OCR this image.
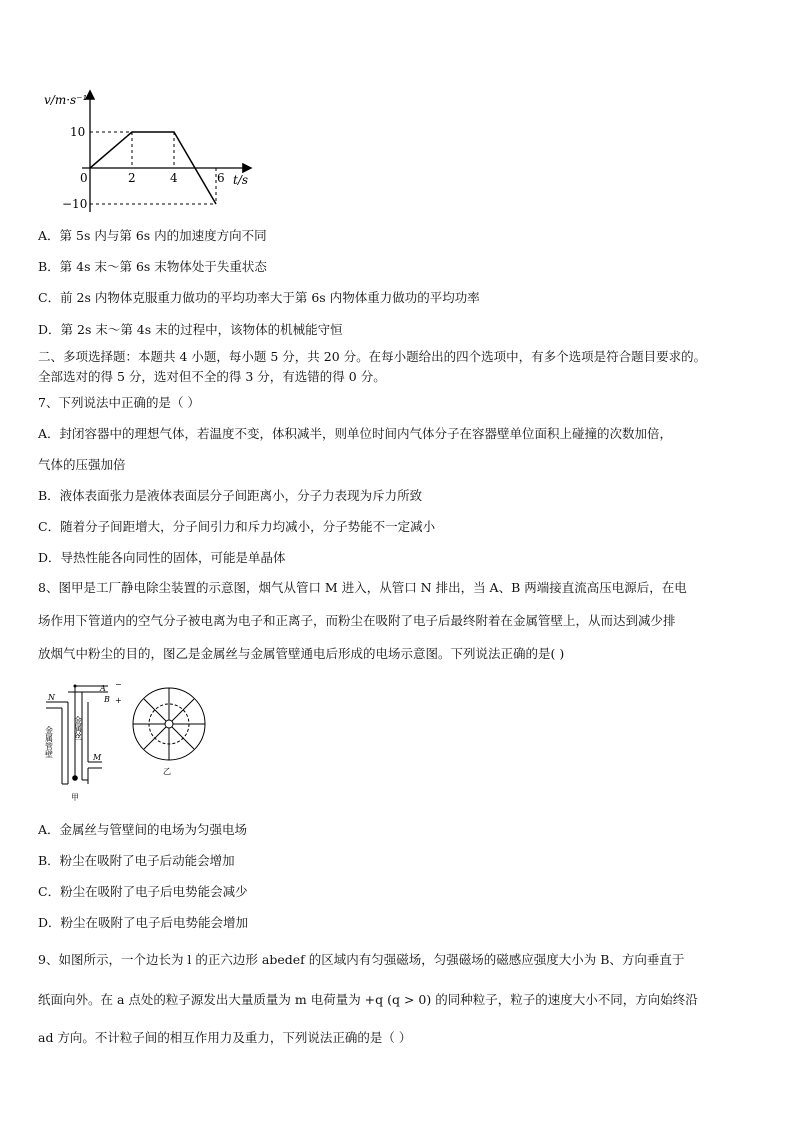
v/m·s⁻¹
10
−10
0	2	4	6 t/s
A．第 5s 内与第 6s 内的加速度方向不同
B．第 4s 末～第 6s 末物体处于失重状态
C．前 2s 内物体克服重力做功的平均功率大于第 6s 内物体重力做功的平均功率
D．第 2s 末～第 4s 末的过程中，该物体的机械能守恒
二、多项选择题：本题共 4 小题，每小题 5 分，共 20 分。在每小题给出的四个选项中，有多个选项是符合题目要求的。
全部选对的得 5 分，选对但不全的得 3 分，有选错的得 0 分。
7、下列说法中正确的是（ ）
A．封闭容器中的理想气体，若温度不变，体积减半，则单位时间内气体分子在容器壁单位面积上碰撞的次数加倍，
气体的压强加倍
B．液体表面张力是液体表面层分子间距离小，分子力表现为斥力所致
C．随着分子间距增大，分子间引力和斥力均减小，分子势能不一定减小
D．导热性能各向同性的固体，可能是单晶体
8、图甲是工厂静电除尘装置的示意图，烟气从管口 M 进入，从管口 N 排出，当 A、B 两端接直流高压电源后，在电
场作用下管道内的空气分子被电离为电子和正离子，而粉尘在吸附了电子后最终附着在金属管壁上，从而达到减少排
放烟气中粉尘的目的，图乙是金属丝与金属管壁通电后形成的电场示意图。下列说法正确的是( )
N
A −
B +
M
金属丝
金属管壁
甲
乙
A．金属丝与管壁间的电场为匀强电场
B．粉尘在吸附了电子后动能会增加
C．粉尘在吸附了电子后电势能会减少
D．粉尘在吸附了电子后电势能会增加
9、如图所示，一个边长为 l 的正六边形 abedef 的区域内有匀强磁场，匀强磁场的磁感应强度大小为 B、方向垂直于
纸面向外。在 a 点处的粒子源发出大量质量为 m 电荷量为 +q (q > 0) 的同种粒子，粒子的速度大小不同，方向始终沿
ad 方向。不计粒子间的相互作用力及重力，下列说法正确的是（ ）
